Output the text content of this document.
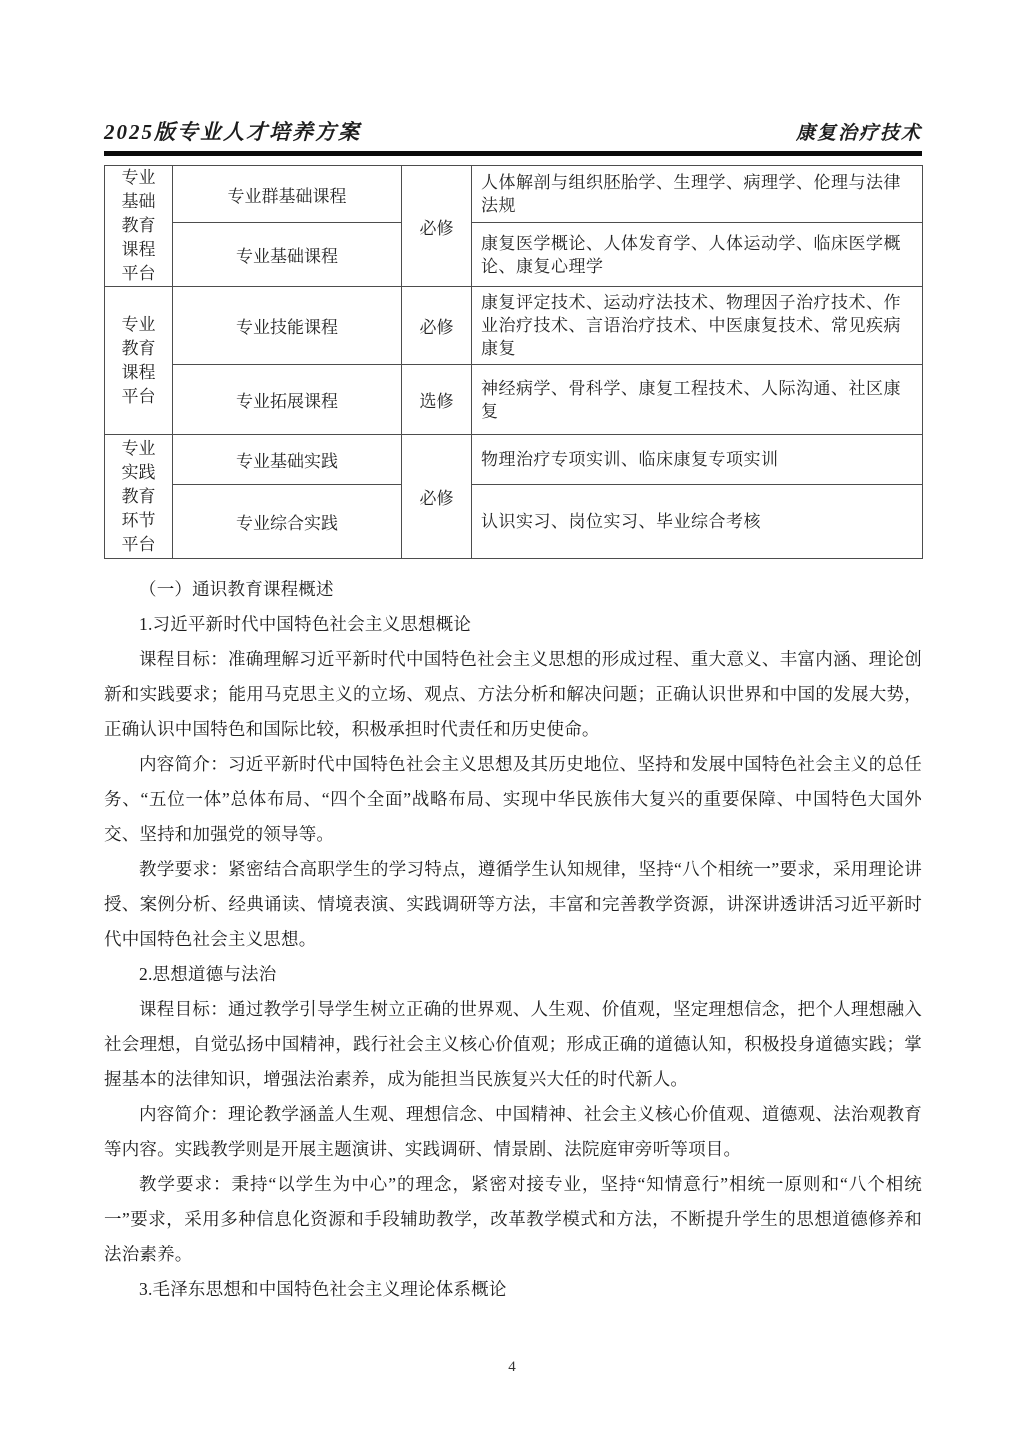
2025版专业人才培养方案	康复治疗技术
专业基础教育课程平台	专业群基础课程	必修	人体解剖与组织胚胎学、生理学、病理学、伦理与法律法规
	专业基础课程		康复医学概论、人体发育学、人体运动学、临床医学概论、康复心理学
专业教育课程平台	专业技能课程	必修	康复评定技术、运动疗法技术、物理因子治疗技术、作业治疗技术、言语治疗技术、中医康复技术、常见疾病康复
	专业拓展课程	选修	神经病学、骨科学、康复工程技术、人际沟通、社区康复
专业实践教育环节平台	专业基础实践	必修	物理治疗专项实训、临床康复专项实训
	专业综合实践		认识实习、岗位实习、毕业综合考核

（一）通识教育课程概述

1.习近平新时代中国特色社会主义思想概论

课程目标：准确理解习近平新时代中国特色社会主义思想的形成过程、重大意义、丰富内涵、理论创新和实践要求；能用马克思主义的立场、观点、方法分析和解决问题；正确认识世界和中国的发展大势，正确认识中国特色和国际比较，积极承担时代责任和历史使命。

内容简介：习近平新时代中国特色社会主义思想及其历史地位、坚持和发展中国特色社会主义的总任务、“五位一体”总体布局、“四个全面”战略布局、实现中华民族伟大复兴的重要保障、中国特色大国外交、坚持和加强党的领导等。

教学要求：紧密结合高职学生的学习特点，遵循学生认知规律，坚持“八个相统一”要求，采用理论讲授、案例分析、经典诵读、情境表演、实践调研等方法，丰富和完善教学资源，讲深讲透讲活习近平新时代中国特色社会主义思想。

2.思想道德与法治

课程目标：通过教学引导学生树立正确的世界观、人生观、价值观，坚定理想信念，把个人理想融入社会理想，自觉弘扬中国精神，践行社会主义核心价值观；形成正确的道德认知，积极投身道德实践；掌握基本的法律知识，增强法治素养，成为能担当民族复兴大任的时代新人。

内容简介：理论教学涵盖人生观、理想信念、中国精神、社会主义核心价值观、道德观、法治观教育等内容。实践教学则是开展主题演讲、实践调研、情景剧、法院庭审旁听等项目。

教学要求：秉持“以学生为中心”的理念，紧密对接专业，坚持“知情意行”相统一原则和“八个相统一”要求，采用多种信息化资源和手段辅助教学，改革教学模式和方法，不断提升学生的思想道德修养和法治素养。

3.毛泽东思想和中国特色社会主义理论体系概论

4
